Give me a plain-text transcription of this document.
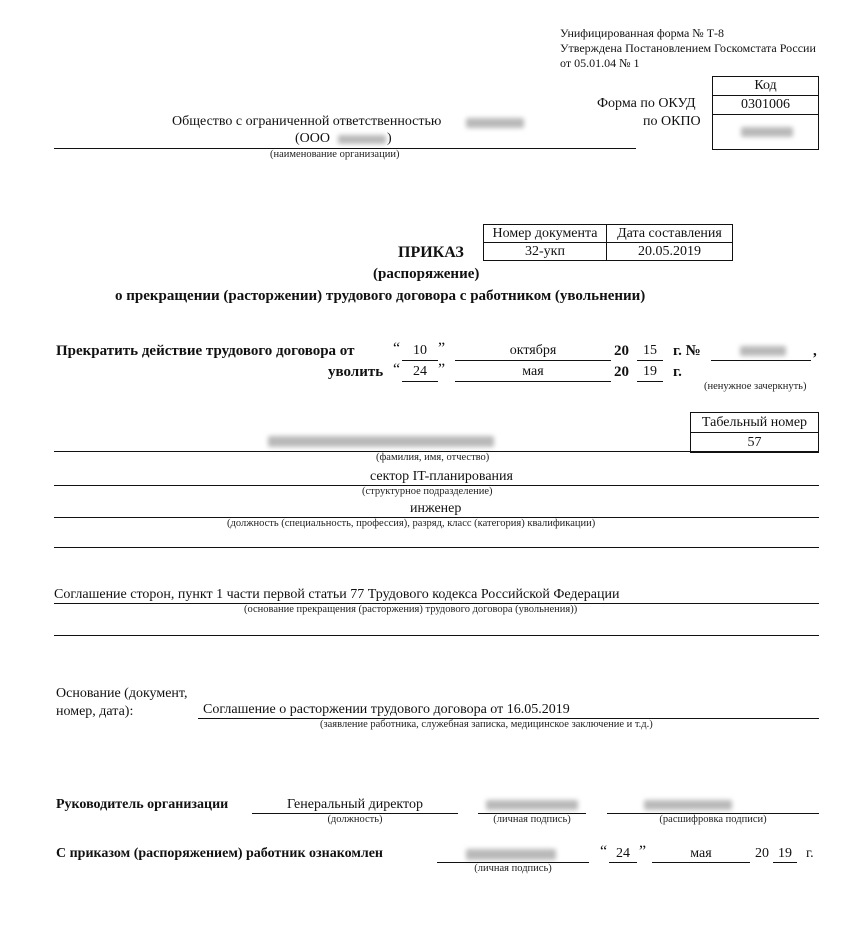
Унифицированная форма № Т-8
Утверждена Постановлением Госкомстата России
от 05.01.04 № 1
Форма по ОКУД
по ОКПО
Код
0301006

Общество с ограниченной ответственностью
(ООО	)
(наименование организации)
Номер документа	Дата составления
32-укп	20.05.2019
ПРИКАЗ
(распоряжение)
о прекращении (расторжении) трудового договора с работником (увольнении)
Прекратить действие трудового договора от “ 10 ”	октября	20	15	г. №	,
уволить “ 24 ”	мая	20	19	г.
(ненужное зачеркнуть)
Табельный номер
57
(фамилия, имя, отчество)
сектор IT-планирования
(структурное подразделение)
инженер
(должность (специальность, профессия), разряд, класс (категория) квалификации)
Соглашение сторон, пункт 1 части первой статьи 77 Трудового кодекса Российской Федерации
(основание прекращения (расторжения) трудового договора (увольнения))
Основание (документ,
номер, дата):	Соглашение о расторжении трудового договора от 16.05.2019
(заявление работника, служебная записка, медицинское заключение и т.д.)
Руководитель организации	Генеральный директор
(должность)	(личная подпись)	(расшифровка подписи)
С приказом (распоряжением) работник ознакомлен
(личная подпись)
“ 24 ”	мая	20 19	г.
